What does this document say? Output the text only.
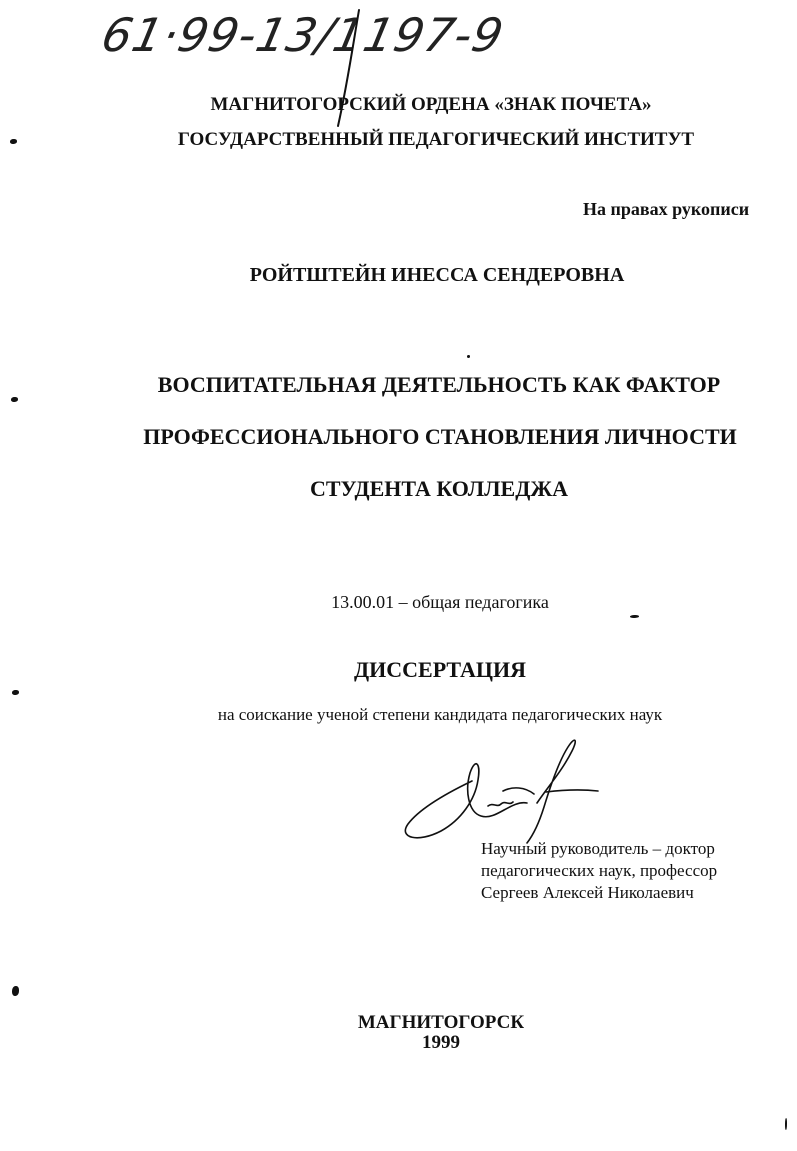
61·99-13/1197-9
МАГНИТОГОРСКИЙ ОРДЕНА «ЗНАК ПОЧЕТА»
ГОСУДАРСТВЕННЫЙ ПЕДАГОГИЧЕСКИЙ ИНСТИТУТ
На правах рукописи
РОЙТШТЕЙН ИНЕССА СЕНДЕРОВНА
ВОСПИТАТЕЛЬНАЯ ДЕЯТЕЛЬНОСТЬ КАК ФАКТОР
ПРОФЕССИОНАЛЬНОГО СТАНОВЛЕНИЯ ЛИЧНОСТИ
СТУДЕНТА КОЛЛЕДЖА
13.00.01 – общая педагогика
ДИССЕРТАЦИЯ
на соискание ученой степени кандидата педагогических наук
Научный руководитель – доктор
педагогических наук, профессор
Сергеев Алексей Николаевич
МАГНИТОГОРСК
1999
